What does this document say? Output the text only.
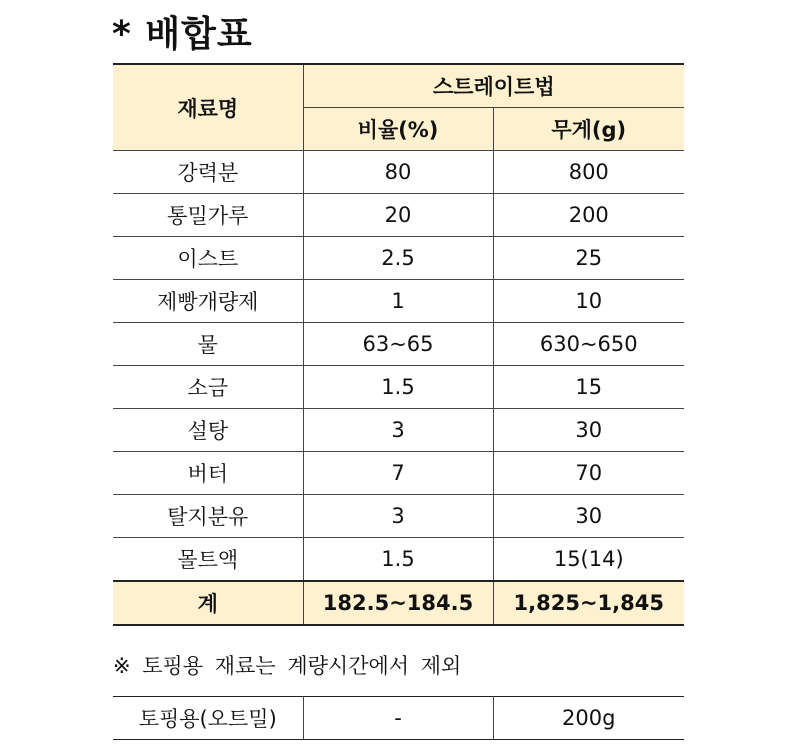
* 배합표
재료명	스트레이트법	
	비율(%)	무게(g)
강력분	80	800
통밀가루	20	200
이스트	2.5	25
제빵개량제	1	10
물	63~65	630~650
소금	1.5	15
설탕	3	30
버터	7	70
탈지분유	3	30
몰트액	1.5	15(14)
계	182.5~184.5	1,825~1,845

※ 토핑용 재료는 계량시간에서 제외

토핑용(오트밀)	-	200g
